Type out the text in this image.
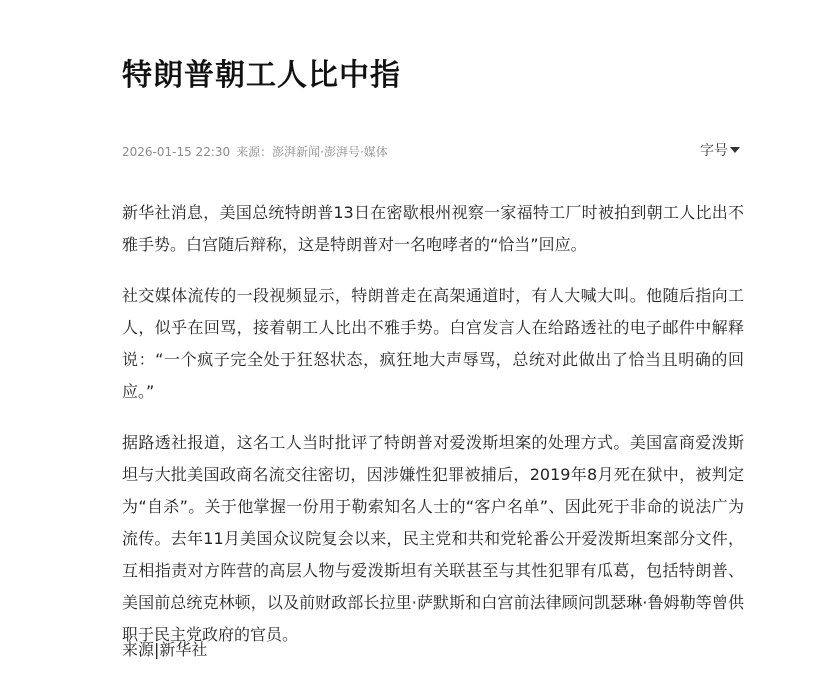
特朗普朝工人比中指
2026-01-15 22:30 来源：澎湃新闻·澎湃号·媒体	字号

新华社消息，美国总统特朗普13日在密歇根州视察一家福特工厂时被拍到朝工人比出不雅手势。白宫随后辩称，这是特朗普对一名咆哮者的“恰当”回应。

社交媒体流传的一段视频显示，特朗普走在高架通道时，有人大喊大叫。他随后指向工人，似乎在回骂，接着朝工人比出不雅手势。白宫发言人在给路透社的电子邮件中解释说：“一个疯子完全处于狂怒状态，疯狂地大声辱骂，总统对此做出了恰当且明确的回应。”

据路透社报道，这名工人当时批评了特朗普对爱泼斯坦案的处理方式。美国富商爱泼斯坦与大批美国政商名流交往密切，因涉嫌性犯罪被捕后，2019年8月死在狱中，被判定为“自杀”。关于他掌握一份用于勒索知名人士的“客户名单”、因此死于非命的说法广为流传。去年11月美国众议院复会以来，民主党和共和党轮番公开爱泼斯坦案部分文件，互相指责对方阵营的高层人物与爱泼斯坦有关联甚至与其性犯罪有瓜葛，包括特朗普、美国前总统克林顿，以及前财政部长拉里·萨默斯和白宫前法律顾问凯瑟琳·鲁姆勒等曾供职于民主党政府的官员。

来源|新华社
